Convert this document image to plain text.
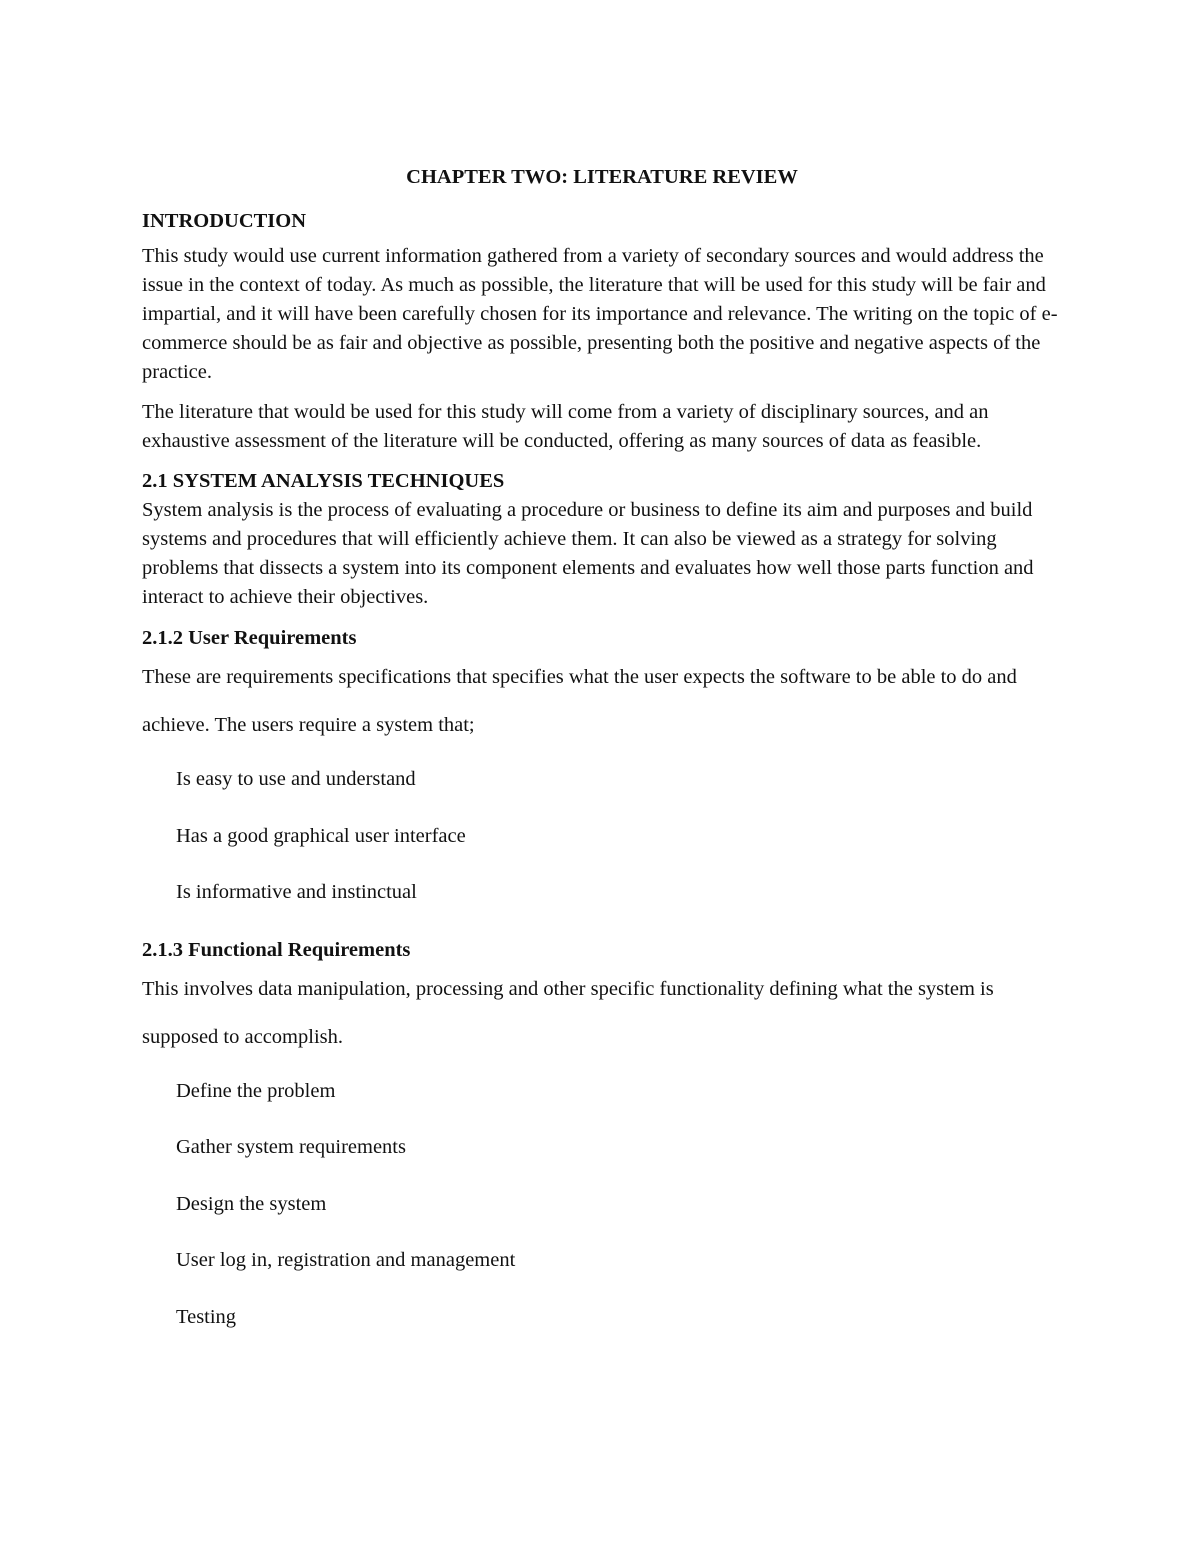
CHAPTER TWO: LITERATURE REVIEW
INTRODUCTION

This study would use current information gathered from a variety of secondary sources and would address the issue in the context of today. As much as possible, the literature that will be used for this study will be fair and impartial, and it will have been carefully chosen for its importance and relevance. The writing on the topic of e-commerce should be as fair and objective as possible, presenting both the positive and negative aspects of the practice.

The literature that would be used for this study will come from a variety of disciplinary sources, and an exhaustive assessment of the literature will be conducted, offering as many sources of data as feasible.

2.1 SYSTEM ANALYSIS TECHNIQUES

System analysis is the process of evaluating a procedure or business to define its aim and purposes and build systems and procedures that will efficiently achieve them. It can also be viewed as a strategy for solving problems that dissects a system into its component elements and evaluates how well those parts function and interact to achieve their objectives.

2.1.2 User Requirements

These are requirements specifications that specifies what the user expects the software to be able to do and achieve. The users require a system that;

Is easy to use and understand
Has a good graphical user interface
Is informative and instinctual
2.1.3 Functional Requirements

This involves data manipulation, processing and other specific functionality defining what the system is supposed to accomplish.

Define the problem
Gather system requirements
Design the system
User log in, registration and management
Testing
